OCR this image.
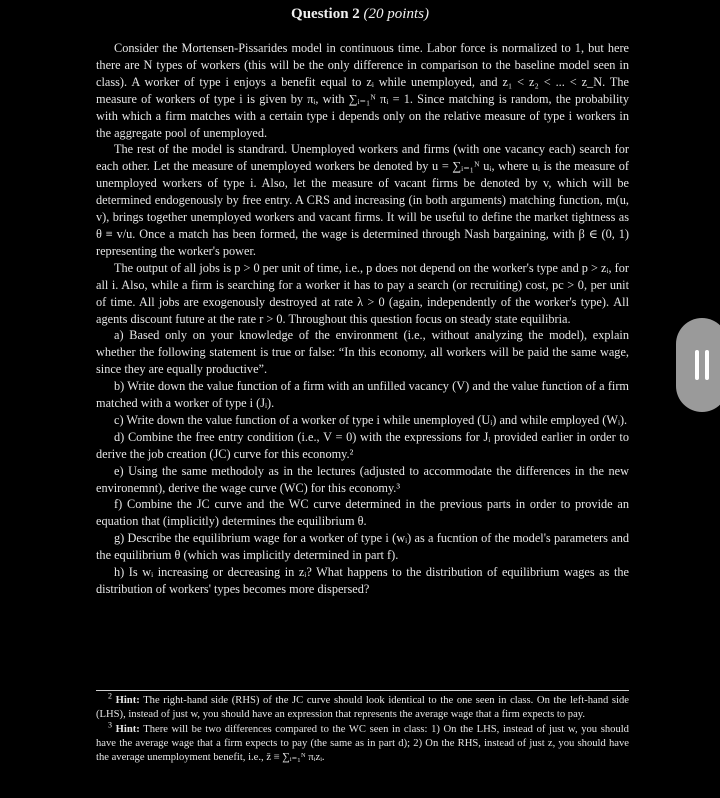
Question 2 (20 points)

Consider the Mortensen-Pissarides model in continuous time. Labor force is normalized to 1, but here there are N types of workers (this will be the only difference in comparison to the baseline model seen in class). A worker of type i enjoys a benefit equal to zᵢ while unemployed, and z₁ < z₂ < ... < z_N. The measure of workers of type i is given by πᵢ, with ∑ᵢ₌₁ᴺ πᵢ = 1. Since matching is random, the probability with which a firm matches with a certain type i depends only on the relative measure of type i workers in the aggregate pool of unemployed.

The rest of the model is standrard. Unemployed workers and firms (with one vacancy each) search for each other. Let the measure of unemployed workers be denoted by u = ∑ᵢ₌₁ᴺ uᵢ, where uᵢ is the measure of unemployed workers of type i. Also, let the measure of vacant firms be denoted by v, which will be determined endogenously by free entry. A CRS and increasing (in both arguments) matching function, m(u, v), brings together unemployed workers and vacant firms. It will be useful to define the market tightness as θ ≡ v/u. Once a match has been formed, the wage is determined through Nash bargaining, with β ∈ (0, 1) representing the worker's power.

The output of all jobs is p > 0 per unit of time, i.e., p does not depend on the worker's type and p > zᵢ, for all i. Also, while a firm is searching for a worker it has to pay a search (or recruiting) cost, pc > 0, per unit of time. All jobs are exogenously destroyed at rate λ > 0 (again, independently of the worker's type). All agents discount future at the rate r > 0. Throughout this question focus on steady state equilibria.

a) Based only on your knowledge of the environment (i.e., without analyzing the model), explain whether the following statement is true or false: “In this economy, all workers will be paid the same wage, since they are equally productive”.

b) Write down the value function of a firm with an unfilled vacancy (V) and the value function of a firm matched with a worker of type i (Jᵢ).

c) Write down the value function of a worker of type i while unemployed (Uᵢ) and while employed (Wᵢ).

d) Combine the free entry condition (i.e., V = 0) with the expressions for Jᵢ provided earlier in order to derive the job creation (JC) curve for this economy.²

e) Using the same methodoly as in the lectures (adjusted to accommodate the differences in the new environemnt), derive the wage curve (WC) for this economy.³

f) Combine the JC curve and the WC curve determined in the previous parts in order to provide an equation that (implicitly) determines the equilibrium θ.

g) Describe the equilibrium wage for a worker of type i (wᵢ) as a fucntion of the model's parameters and the equilibrium θ (which was implicitly determined in part f).

h) Is wᵢ increasing or decreasing in zᵢ? What happens to the distribution of equilibrium wages as the distribution of workers' types becomes more dispersed?

$^2$ Hint: The right-hand side (RHS) of the JC curve should look identical to the one seen in class. On the left-hand side (LHS), instead of just w, you should have an expression that represents the average wage that a firm expects to pay.

$^3$ Hint: There will be two differences compared to the WC seen in class: 1) On the LHS, instead of just w, you should have the average wage that a firm expects to pay (the same as in part d); 2) On the RHS, instead of just z, you should have the average unemployment benefit, i.e., z̄ ≡ ∑ᵢ₌₁ᴺ πᵢzᵢ.
